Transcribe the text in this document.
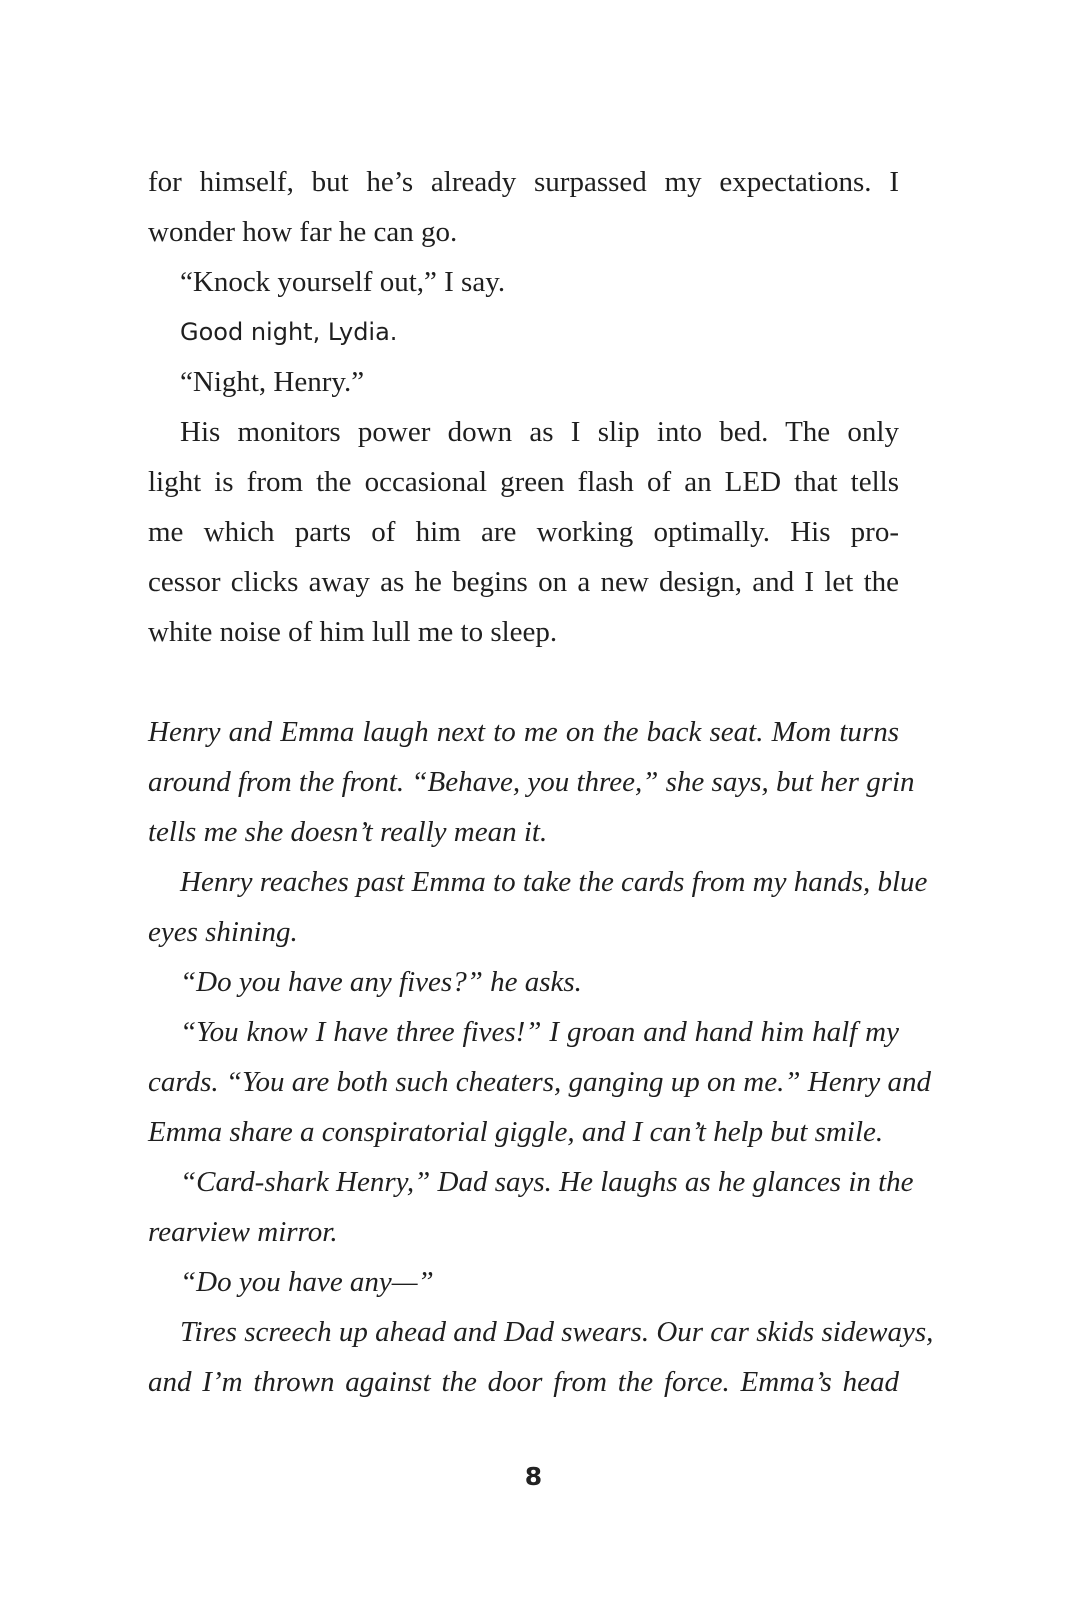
for himself, but he’s already surpassed my expectations. I
wonder how far he can go.
“Knock yourself out,” I say.
Good night, Lydia.
“Night, Henry.”
His monitors power down as I slip into bed. The only
light is from the occasional green flash of an LED that tells
me which parts of him are working optimally. His pro-
cessor clicks away as he begins on a new design, and I let the
white noise of him lull me to sleep.
Henry and Emma laugh next to me on the back seat. Mom turns
around from the front. “Behave, you three,” she says, but her grin
tells me she doesn’t really mean it.
Henry reaches past Emma to take the cards from my hands, blue
eyes shining.
“Do you have any fives?” he asks.
“You know I have three fives!” I groan and hand him half my
cards. “You are both such cheaters, ganging up on me.” Henry and
Emma share a conspiratorial giggle, and I can’t help but smile.
“Card-shark Henry,” Dad says. He laughs as he glances in the
rearview mirror.
“Do you have any—”
Tires screech up ahead and Dad swears. Our car skids sideways,
and I’m thrown against the door from the force. Emma’s head
8
